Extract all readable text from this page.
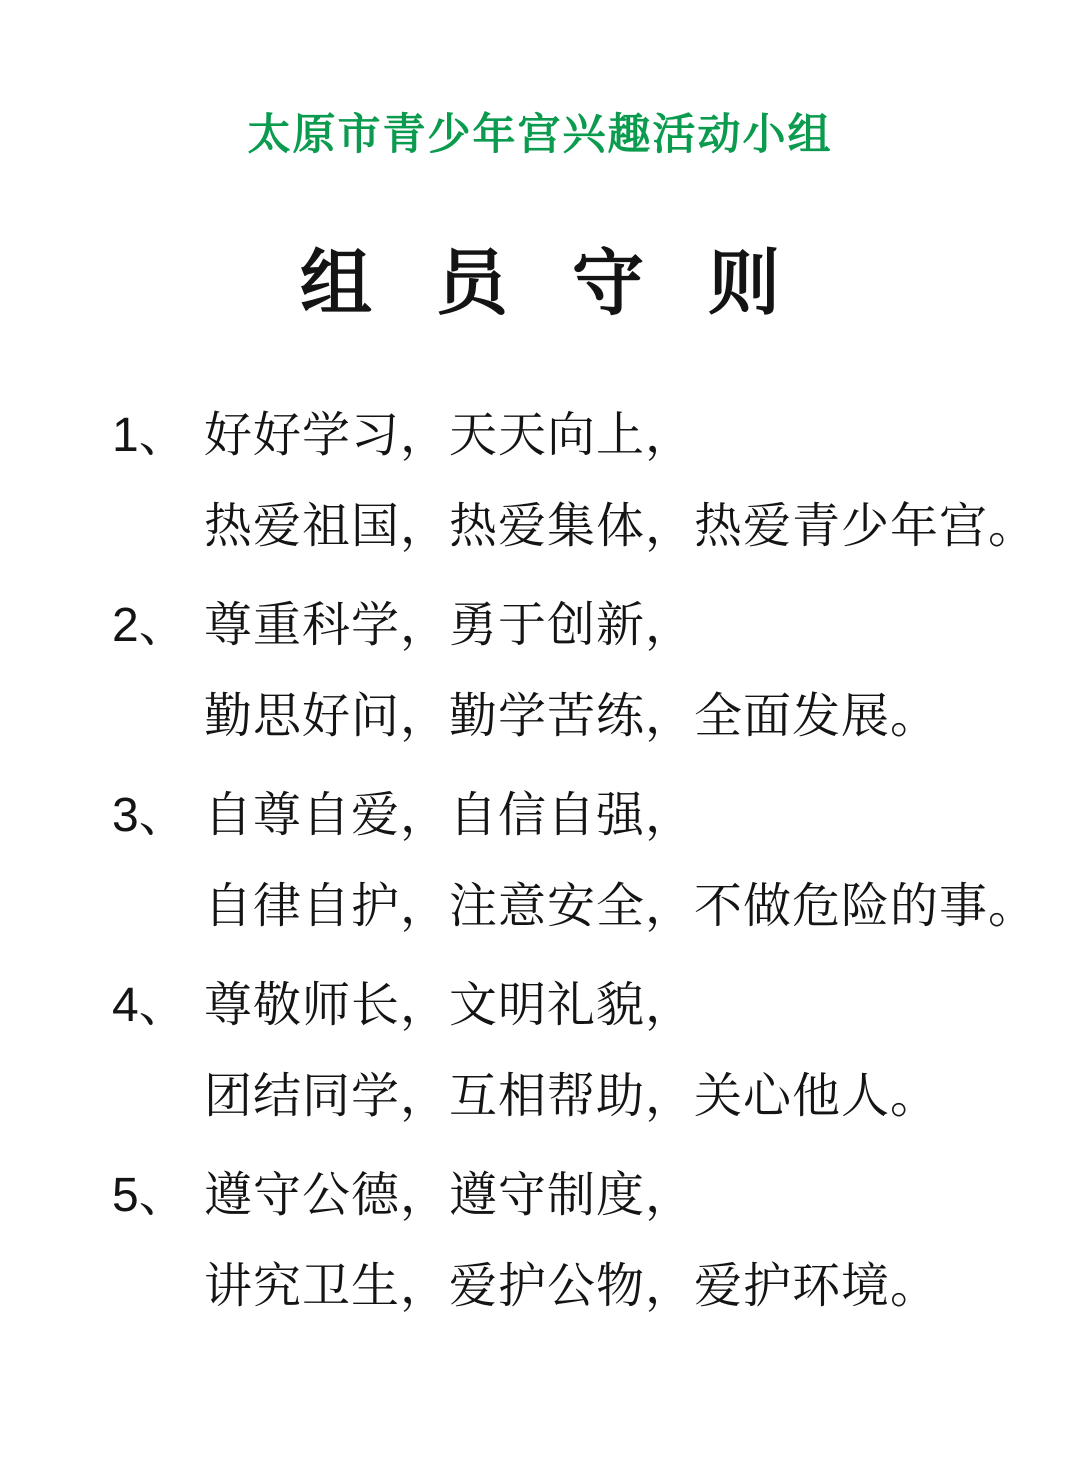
太原市青少年宫兴趣活动小组
组 员 守 则
1、 好好学习，天天向上，
热爱祖国，热爱集体，热爱青少年宫。
2、 尊重科学，勇于创新，
勤思好问，勤学苦练，全面发展。
3、 自尊自爱，自信自强，
自律自护，注意安全，不做危险的事。
4、 尊敬师长，文明礼貌，
团结同学，互相帮助，关心他人。
5、 遵守公德，遵守制度，
讲究卫生，爱护公物，爱护环境。
